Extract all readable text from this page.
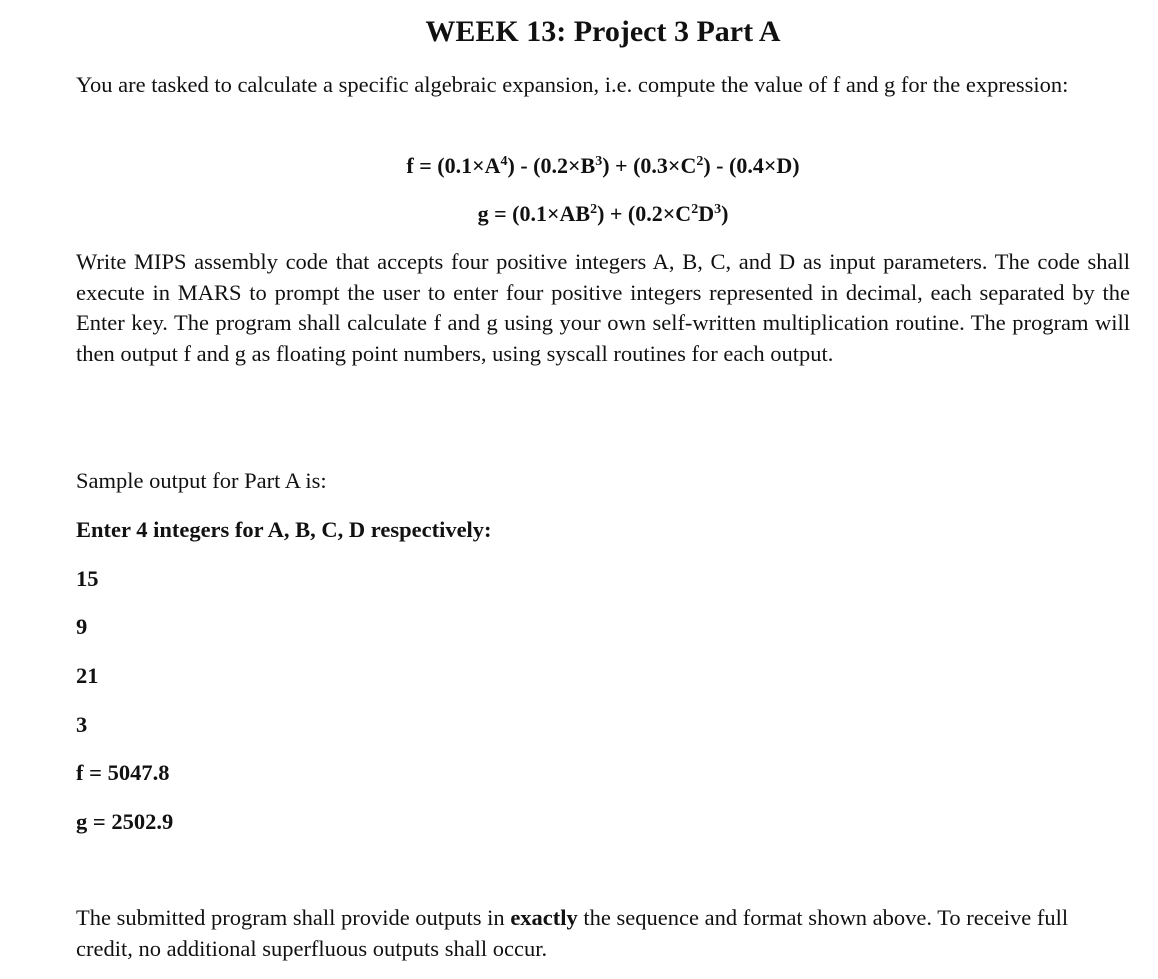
WEEK 13: Project 3 Part A

You are tasked to calculate a specific algebraic expansion, i.e. compute the value of f and g for the expression:

$f = (0.1\times A^4) - (0.2\times B^3) + (0.3\times C^2) - (0.4\times D)$

$g = (0.1\times AB^2) + (0.2\times C^2D^3)$

Write MIPS assembly code that accepts four positive integers A, B, C, and D as input parameters. The code shall execute in MARS to prompt the user to enter four positive integers represented in decimal, each separated by the Enter key. The program shall calculate f and g using your own self-written multiplication routine. The program will then output f and g as floating point numbers, using syscall routines for each output.

Sample output for Part A is:

Enter 4 integers for A, B, C, D respectively:

15

9

21

3

f = 5047.8

g = 2502.9

The submitted program shall provide outputs in exactly the sequence and format shown above. To receive full credit, no additional superfluous outputs shall occur.
